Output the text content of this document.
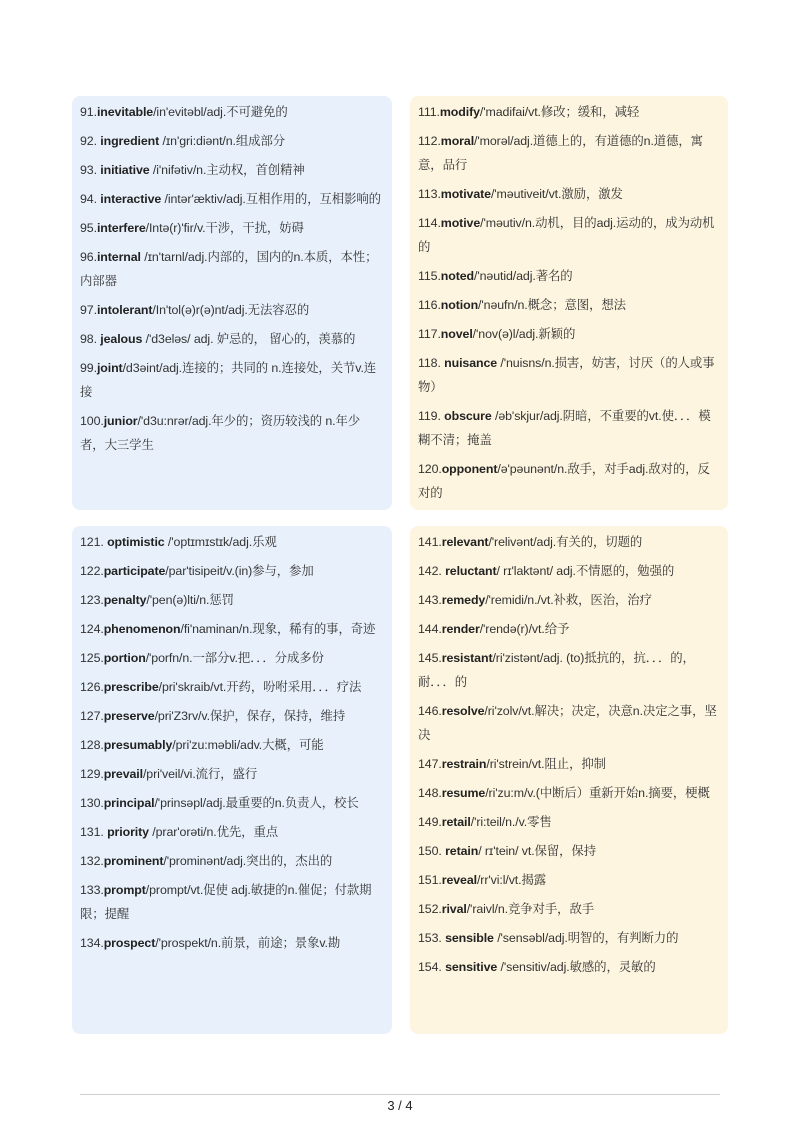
91.inevitable/in'evitəbl/adj.不可避免的
92. ingredient /ɪn'gri:diənt/n.组成部分
93. initiative /i'nifətiv/n.主动权，首创精神
94. interactive /intər'æktiv/adj.互相作用的，互相影响的
95.interfere/Intə(r)'fir/v.干涉，干扰，妨碍
96.internal /ɪn'tarnl/adj.内部的，国内的n.本质，本性；内部器
97.intolerant/In'tol(ə)r(ə)nt/adj.无法容忍的
98. jealous /'d3eləs/ adj. 妒忌的， 留心的，羡慕的
99.joint/d3əint/adj.连接的；共同的 n.连接处，关节v.连接
100.junior/'d3u:nrər/adj.年少的；资历较浅的 n.年少者，大三学生
111.modify/'madifai/vt.修改；缓和，减轻
112.moral/'morəl/adj.道德上的，有道德的n.道德，寓意，品行
113.motivate/'məutiveit/vt.激励，激发
114.motive/'məutiv/n.动机，目的adj.运动的，成为动机的
115.noted/'nəutid/adj.著名的
116.notion/'nəufn/n.概念；意图，想法
117.novel/'nov(ə)l/adj.新颖的
118. nuisance /'nuisns/n.损害，妨害，讨厌（的人或事物）
119. obscure /əb'skjur/adj.阴暗，不重要的vt.使．．．模糊不清；掩盖
120.opponent/ə'pəunənt/n.敌手，对手adj.敌对的，反对的
121. optimistic /'optɪmɪstɪk/adj.乐观
122.participate/par'tisipeit/v.(in)参与，参加
123.penalty/'pen(ə)lti/n.惩罚
124.phenomenon/fi'naminan/n.现象，稀有的事，奇迹
125.portion/'porfn/n.一部分v.把．．．分成多份
126.prescribe/pri'skraib/vt.开药，吩咐采用．．．疗法
127.preserve/pri'Z3rv/v.保护，保存，保持，维持
128.presumably/pri'zu:məbli/adv.大概，可能
129.prevail/pri'veil/vi.流行，盛行
130.principal/'prinsəpl/adj.最重要的n.负责人，校长
131. priority /prar'orəti/n.优先，重点
132.prominent/'prominənt/adj.突出的，杰出的
133.prompt/prompt/vt.促使 adj.敏捷的n.催促；付款期限；提醒
134.prospect/'prospekt/n.前景，前途；景象v.勘
141.relevant/'relivənt/adj.有关的，切题的
142. reluctant/ rɪ'laktənt/ adj.不情愿的，勉强的
143.remedy/'remidi/n./vt.补救，医治，治疗
144.render/'rendə(r)/vt.给予
145.resistant/ri'zistənt/adj. (to)抵抗的，抗．．．的，耐．．．的
146.resolve/ri'zolv/vt.解决；决定，决意n.决定之事，坚决
147.restrain/ri'strein/vt.阻止，抑制
148.resume/ri'zu:m/v.(中断后）重新开始n.摘要，梗概
149.retail/'ri:teil/n./v.零售
150. retain/ rɪ'tein/ vt.保留，保持
151.reveal/rr'vi:l/vt.揭露
152.rival/'raivl/n.竞争对手，敌手
153. sensible /'sensəbl/adj.明智的，有判断力的
154. sensitive /'sensitiv/adj.敏感的，灵敏的
3 / 4
